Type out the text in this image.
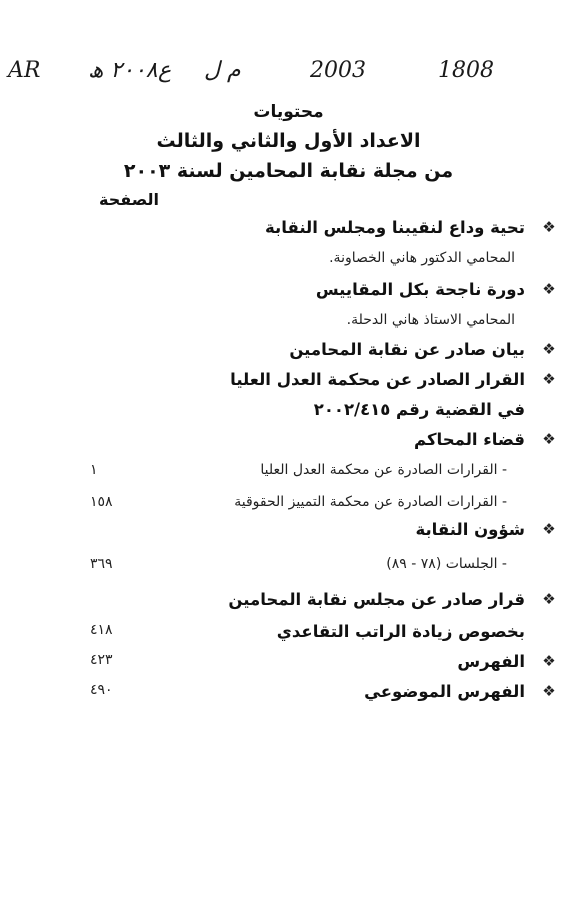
AR ٢٠٠٨ ھ ع م ل	2003	1808
محتويات
الاعداد الأول والثاني والثالث
من مجلة نقابة المحامين لسنة ٢٠٠٣
الصفحة
❖
تحية وداع لنقيبنا ومجلس النقابة
المحامي الدكتور هاني الخصاونة.
❖
دورة ناجحة بكل المقاييس
المحامي الاستاذ هاني الدحلة.
❖
بيان صادر عن نقابة المحامين
❖
القرار الصادر عن محكمة العدل العليا
في القضية رقم ٢٠٠٢/٤١٥
❖
قضاء المحاكم
- القرارات الصادرة عن محكمة العدل العليا
١
- القرارات الصادرة عن محكمة التمييز الحقوقية
١٥٨
❖
شؤون النقابة
- الجلسات (٧٨ - ٨٩)
٣٦٩
❖
قرار صادر عن مجلس نقابة المحامين
بخصوص زيادة الراتب التقاعدي
٤١٨
❖
الفهرس
٤٢٣
❖
الفهرس الموضوعي
٤٩٠
